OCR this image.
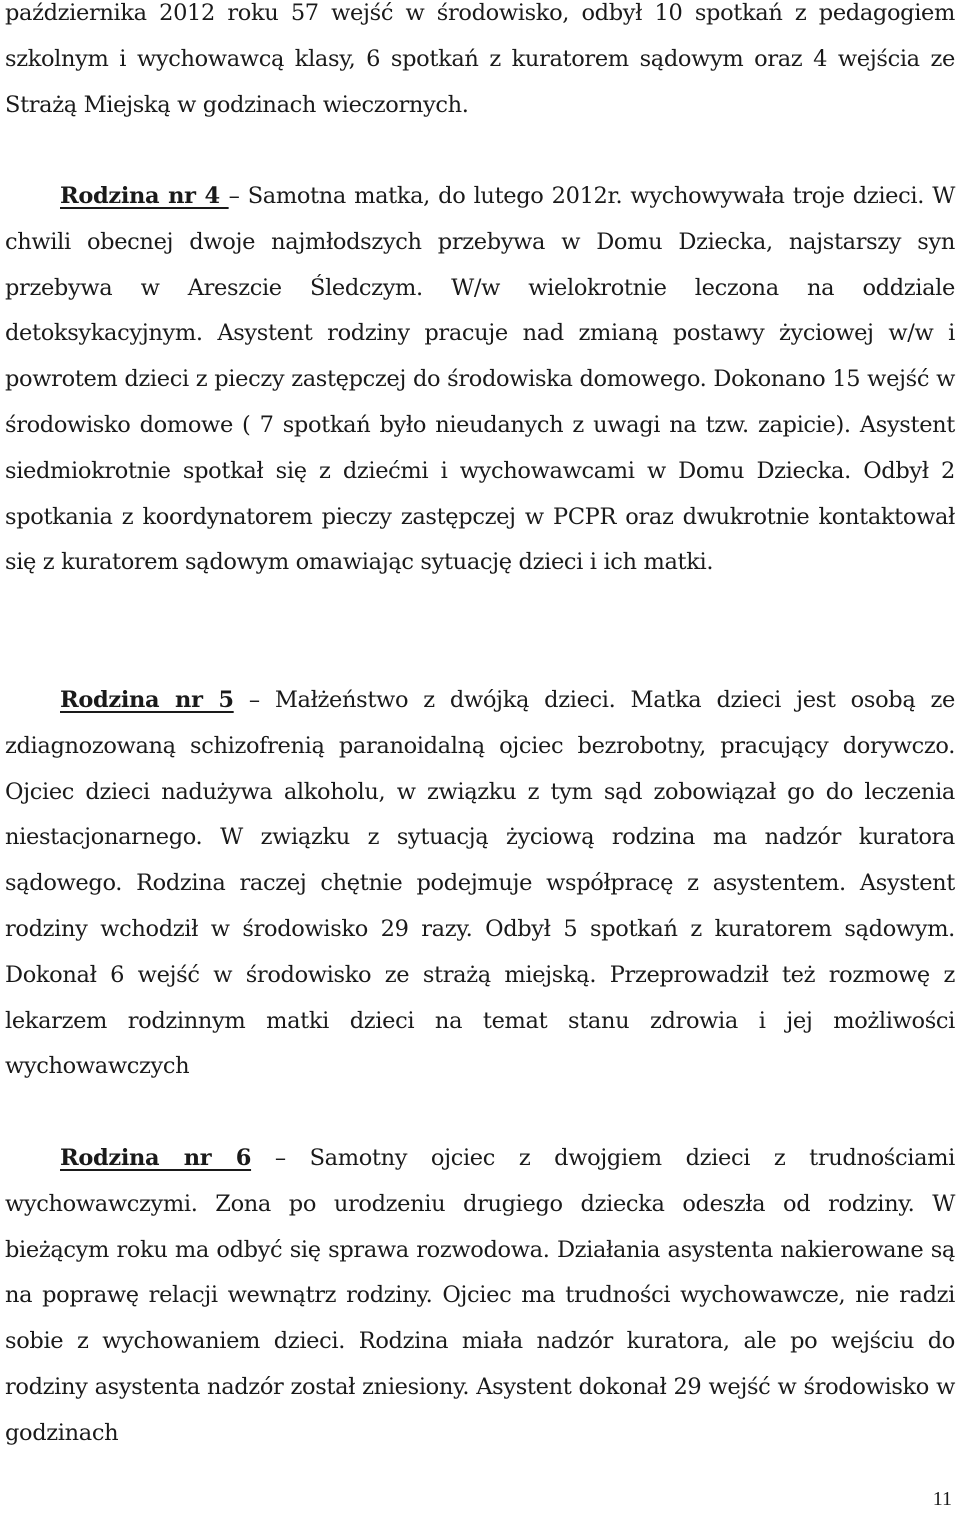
października 2012 roku 57 wejść w środowisko, odbył 10 spotkań z pedagogiem szkolnym i wychowawcą klasy, 6 spotkań z kuratorem sądowym oraz 4 wejścia ze Strażą Miejską w godzinach wieczornych.

Rodzina nr 4 – Samotna matka, do lutego 2012r. wychowywała troje dzieci. W chwili obecnej dwoje najmłodszych przebywa w Domu Dziecka, najstarszy syn przebywa w Areszcie Śledczym. W/w wielokrotnie leczona na oddziale detoksykacyjnym. Asystent rodziny pracuje nad zmianą postawy życiowej w/w i powrotem dzieci z pieczy zastępczej do środowiska domowego. Dokonano 15 wejść w środowisko domowe ( 7 spotkań było nieudanych z uwagi na tzw. zapicie). Asystent siedmiokrotnie spotkał się z dziećmi i wychowawcami w Domu Dziecka. Odbył 2 spotkania z koordynatorem pieczy zastępczej w PCPR oraz dwukrotnie kontaktował się z kuratorem sądowym omawiając sytuację dzieci i ich matki.

Rodzina nr 5 – Małżeństwo z dwójką dzieci. Matka dzieci jest osobą ze zdiagnozowaną schizofrenią paranoidalną ojciec bezrobotny, pracujący dorywczo. Ojciec dzieci nadużywa alkoholu, w związku z tym sąd zobowiązał go do leczenia niestacjonarnego. W związku z sytuacją życiową rodzina ma nadzór kuratora sądowego. Rodzina raczej chętnie podejmuje współpracę z asystentem. Asystent rodziny wchodził w środowisko 29 razy. Odbył 5 spotkań z kuratorem sądowym. Dokonał 6 wejść w środowisko ze strażą miejską. Przeprowadził też rozmowę z lekarzem rodzinnym matki dzieci na temat stanu zdrowia i jej możliwości wychowawczych

Rodzina nr 6 – Samotny ojciec z dwojgiem dzieci z trudnościami wychowawczymi. Zona po urodzeniu drugiego dziecka odeszła od rodziny. W bieżącym roku ma odbyć się sprawa rozwodowa. Działania asystenta nakierowane są na poprawę relacji wewnątrz rodziny. Ojciec ma trudności wychowawcze, nie radzi sobie z wychowaniem dzieci. Rodzina miała nadzór kuratora, ale po wejściu do rodziny asystenta nadzór został zniesiony. Asystent dokonał 29 wejść w środowisko w godzinach

11
